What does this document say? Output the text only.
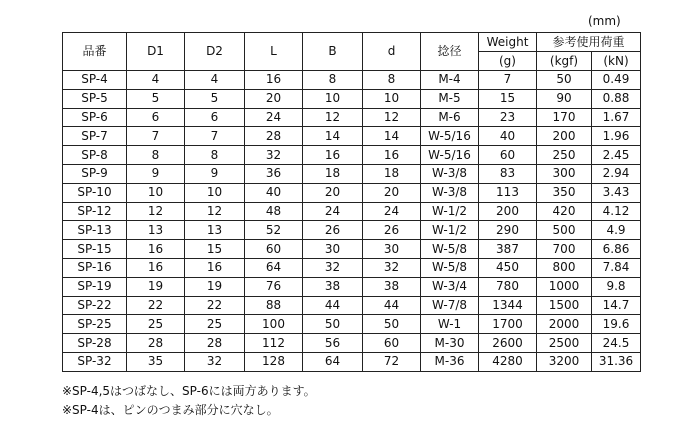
(mm)
品番	D1	D2	L	B	d	捻径	Weight	参考使用荷重	
							(g)	(kgf)	(kN)
SP-4	4	4	16	8	8	M-4	7	50	0.49
SP-5	5	5	20	10	10	M-5	15	90	0.88
SP-6	6	6	24	12	12	M-6	23	170	1.67
SP-7	7	7	28	14	14	W-5/16	40	200	1.96
SP-8	8	8	32	16	16	W-5/16	60	250	2.45
SP-9	9	9	36	18	18	W-3/8	83	300	2.94
SP-10	10	10	40	20	20	W-3/8	113	350	3.43
SP-12	12	12	48	24	24	W-1/2	200	420	4.12
SP-13	13	13	52	26	26	W-1/2	290	500	4.9
SP-15	16	15	60	30	30	W-5/8	387	700	6.86
SP-16	16	16	64	32	32	W-5/8	450	800	7.84
SP-19	19	19	76	38	38	W-3/4	780	1000	9.8
SP-22	22	22	88	44	44	W-7/8	1344	1500	14.7
SP-25	25	25	100	50	50	W-1	1700	2000	19.6
SP-28	28	28	112	56	60	M-30	2600	2500	24.5
SP-32	35	32	128	64	72	M-36	4280	3200	31.36
※SP-4,5はつばなし、SP-6には両方あります。
※SP-4は、ピンのつまみ部分に穴なし。
